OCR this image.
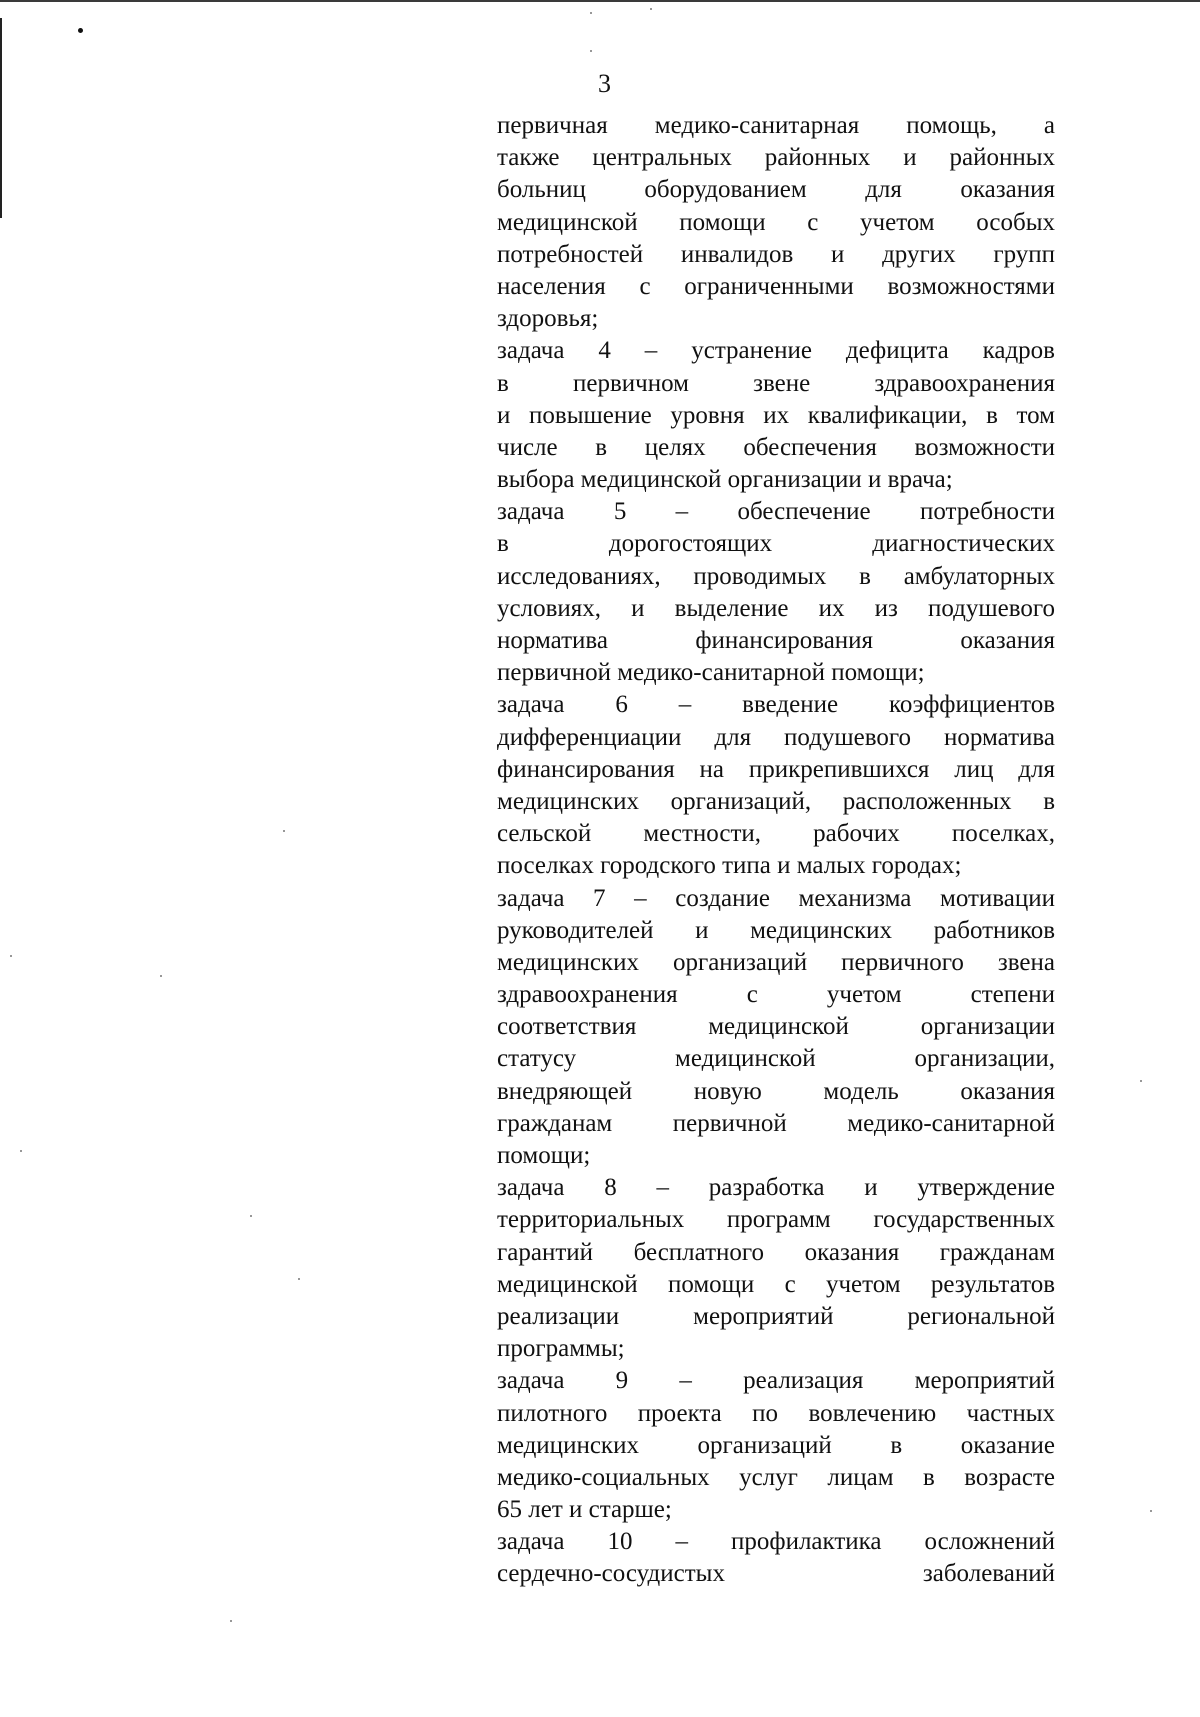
3
первичная медико-санитарная помощь, а
также центральных районных и районных
больниц оборудованием для оказания
медицинской помощи с учетом особых
потребностей инвалидов и других групп
населения с ограниченными возможностями
здоровья;
задача 4 – устранение дефицита кадров
в первичном звене здравоохранения
и повышение уровня их квалификации, в том
числе в целях обеспечения возможности
выбора медицинской организации и врача;
задача 5 – обеспечение потребности
в дорогостоящих диагностических
исследованиях, проводимых в амбулаторных
условиях, и выделение их из подушевого
норматива финансирования оказания
первичной медико-санитарной помощи;
задача 6 – введение коэффициентов
дифференциации для подушевого норматива
финансирования на прикрепившихся лиц для
медицинских организаций, расположенных в
сельской местности, рабочих поселках,
поселках городского типа и малых городах;
задача 7 – создание механизма мотивации
руководителей и медицинских работников
медицинских организаций первичного звена
здравоохранения с учетом степени
соответствия медицинской организации
статусу медицинской организации,
внедряющей новую модель оказания
гражданам первичной медико-санитарной
помощи;
задача 8 – разработка и утверждение
территориальных программ государственных
гарантий бесплатного оказания гражданам
медицинской помощи с учетом результатов
реализации мероприятий региональной
программы;
задача 9 – реализация мероприятий
пилотного проекта по вовлечению частных
медицинских организаций в оказание
медико-социальных услуг лицам в возрасте
65 лет и старше;
задача 10 – профилактика осложнений
сердечно-сосудистых заболеваний
